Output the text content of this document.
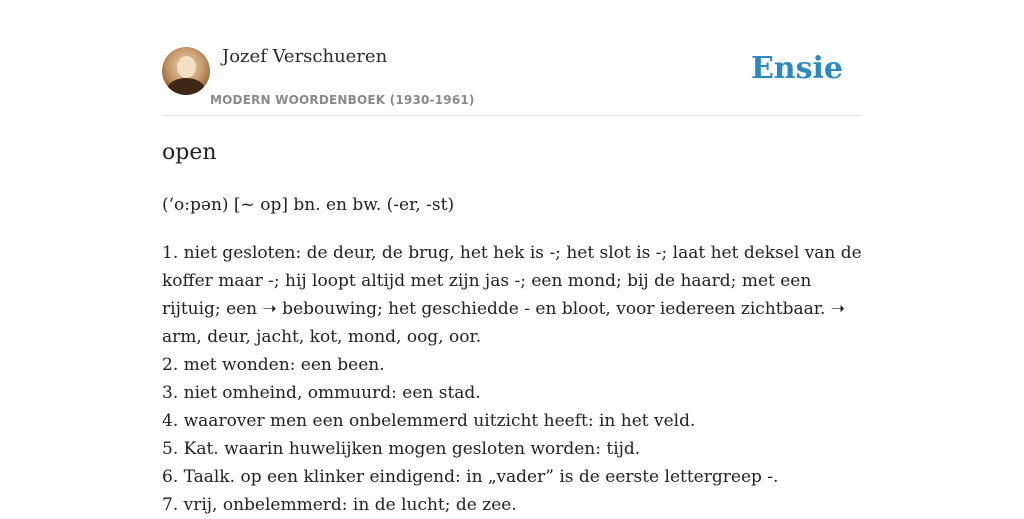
Jozef Verschueren
MODERN WOORDENBOEK (1930-1961)
Ensie
open
(ʻo:pən) [~ op] bn. en bw. (-er, -st)
1. niet gesloten: de deur, de brug, het hek is -; het slot is -; laat het deksel van de
koffer maar -; hij loopt altijd met zijn jas -; een mond; bij de haard; met een
rijtuig; een ➝ bebouwing; het geschiedde - en bloot, voor iedereen zichtbaar. ➝
arm, deur, jacht, kot, mond, oog, oor.
2. met wonden: een been.
3. niet omheind, ommuurd: een stad.
4. waarover men een onbelemmerd uitzicht heeft: in het veld.
5. Kat. waarin huwelijken mogen gesloten worden: tijd.
6. Taalk. op een klinker eindigend: in „vader” is de eerste lettergreep -.
7. vrij, onbelemmerd: in de lucht; de zee.
